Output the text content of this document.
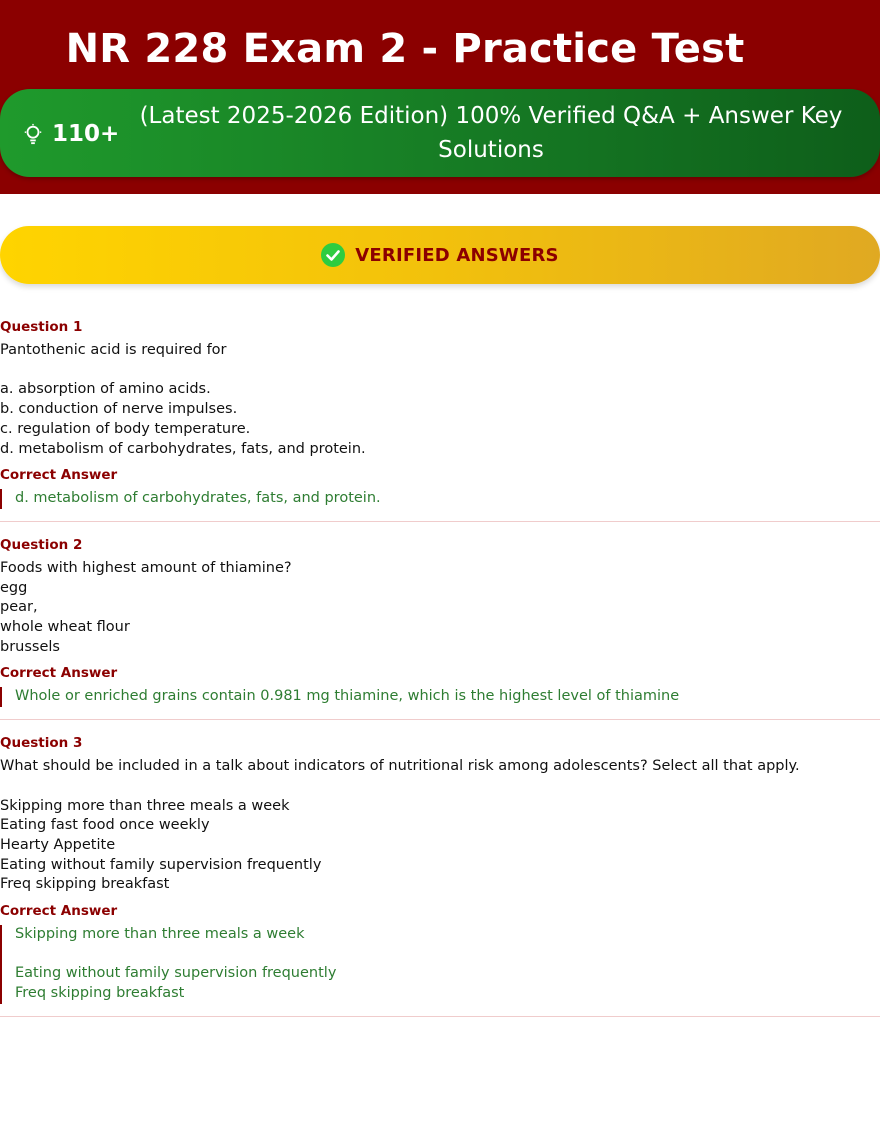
NR 228 Exam 2 - Practice Test
110+
(Latest 2025-2026 Edition) 100% Verified Q&A + Answer Key Solutions
VERIFIED ANSWERS
Question 1
Pantothenic acid is required for

a. absorption of amino acids.
b. conduction of nerve impulses.
c. regulation of body temperature.
d. metabolism of carbohydrates, fats, and protein.
Correct Answer
d. metabolism of carbohydrates, fats, and protein.
Question 2
Foods with highest amount of thiamine?
egg
pear,
whole wheat flour
brussels
Correct Answer
Whole or enriched grains contain 0.981 mg thiamine, which is the highest level of thiamine
Question 3
What should be included in a talk about indicators of nutritional risk among adolescents? Select all that apply.

Skipping more than three meals a week
Eating fast food once weekly
Hearty Appetite
Eating without family supervision frequently
Freq skipping breakfast
Correct Answer
Skipping more than three meals a week

Eating without family supervision frequently
Freq skipping breakfast
